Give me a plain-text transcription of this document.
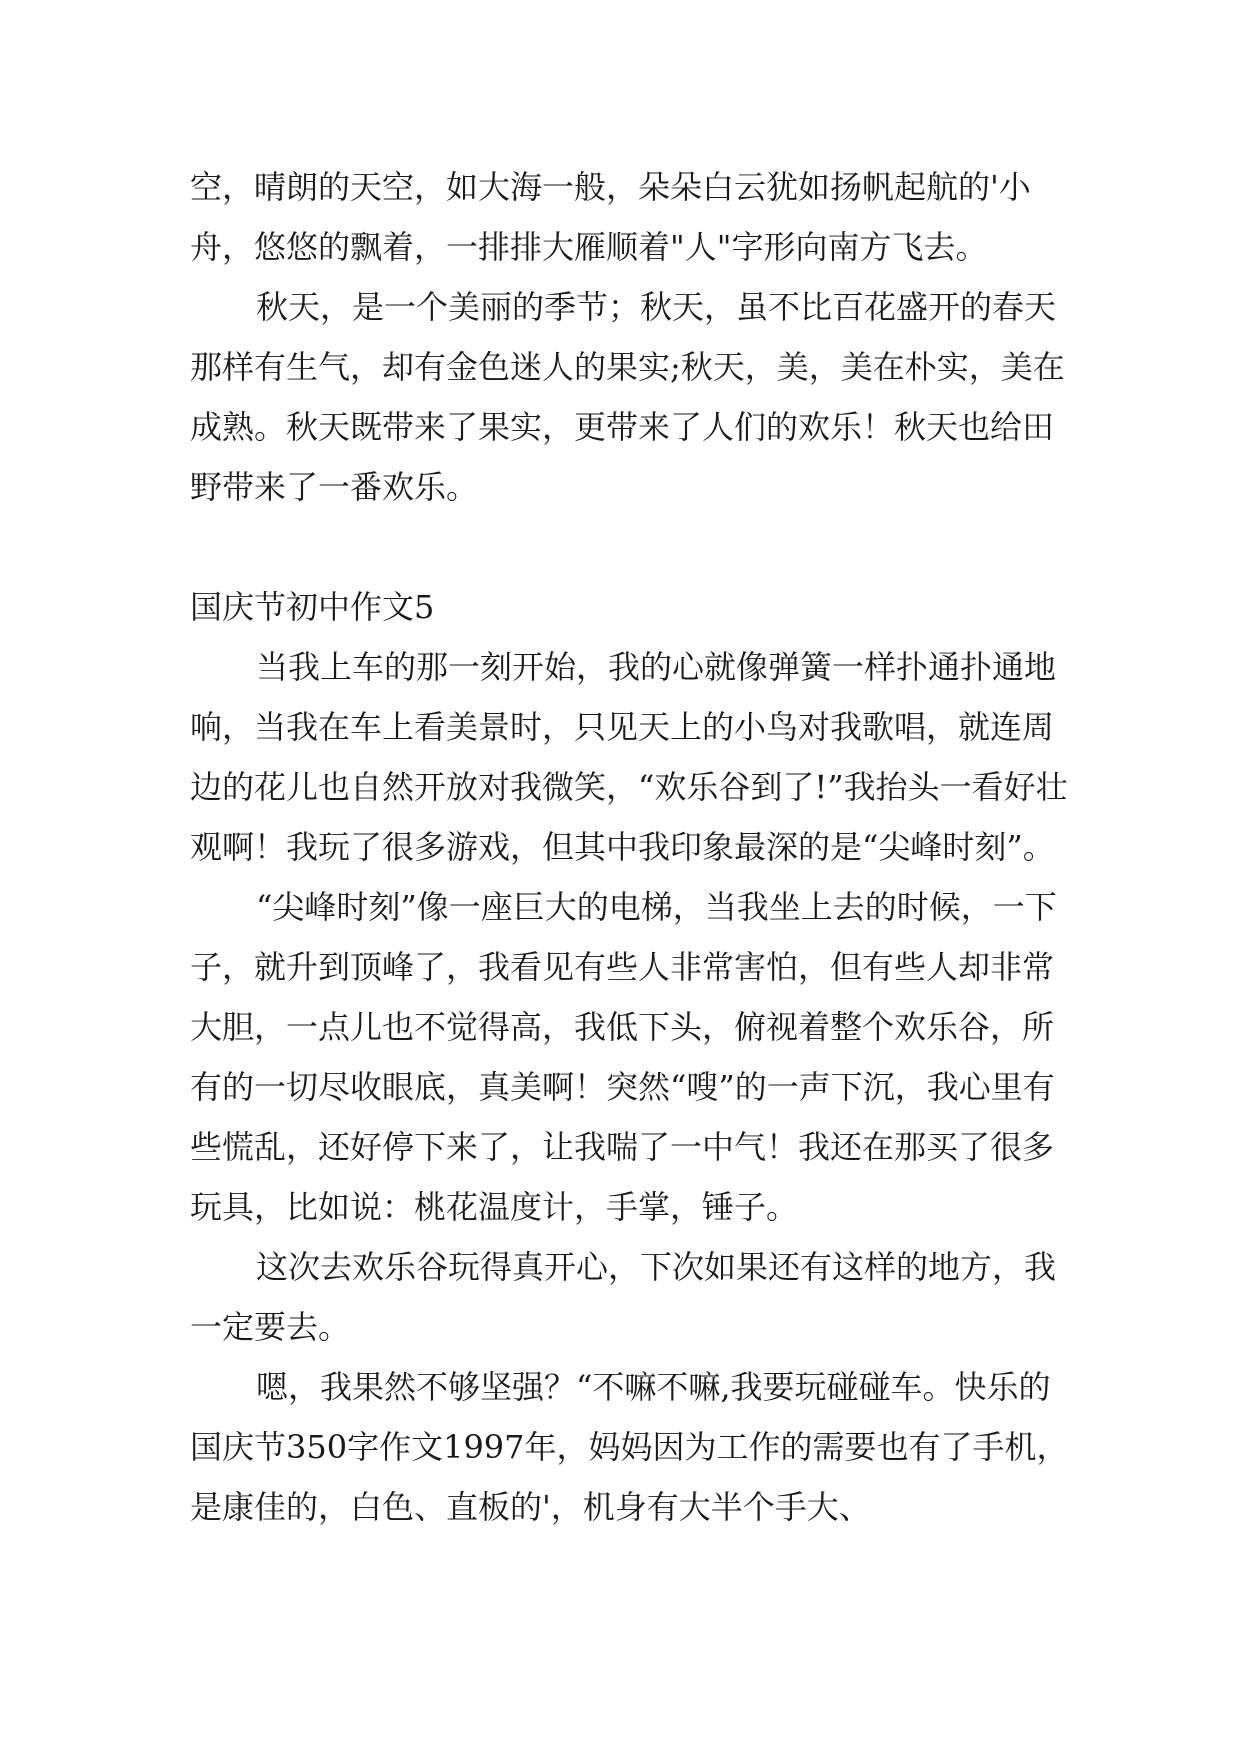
空，晴朗的天空，如大海一般，朵朵白云犹如扬帆起航的'小舟，悠悠的飘着，一排排大雁顺着"人"字形向南方飞去。

秋天，是一个美丽的季节；秋天，虽不比百花盛开的春天那样有生气，却有金色迷人的果实;秋天，美，美在朴实，美在成熟。秋天既带来了果实，更带来了人们的欢乐！秋天也给田野带来了一番欢乐。

国庆节初中作文5

当我上车的那一刻开始，我的心就像弹簧一样扑通扑通地响，当我在车上看美景时，只见天上的小鸟对我歌唱，就连周边的花儿也自然开放对我微笑，“欢乐谷到了!”我抬头一看好壮观啊！我玩了很多游戏，但其中我印象最深的是“尖峰时刻”。

“尖峰时刻”像一座巨大的电梯，当我坐上去的时候，一下子，就升到顶峰了，我看见有些人非常害怕，但有些人却非常大胆，一点儿也不觉得高，我低下头，俯视着整个欢乐谷，所有的一切尽收眼底，真美啊！突然“嗖”的一声下沉，我心里有些慌乱，还好停下来了，让我喘了一中气！我还在那买了很多玩具，比如说：桃花温度计，手掌，锤子。

这次去欢乐谷玩得真开心，下次如果还有这样的地方，我一定要去。

嗯，我果然不够坚强？“不嘛不嘛,我要玩碰碰车。快乐的国庆节350字作文1997年，妈妈因为工作的需要也有了手机，是康佳的，白色、直板的'，机身有大半个手大、
